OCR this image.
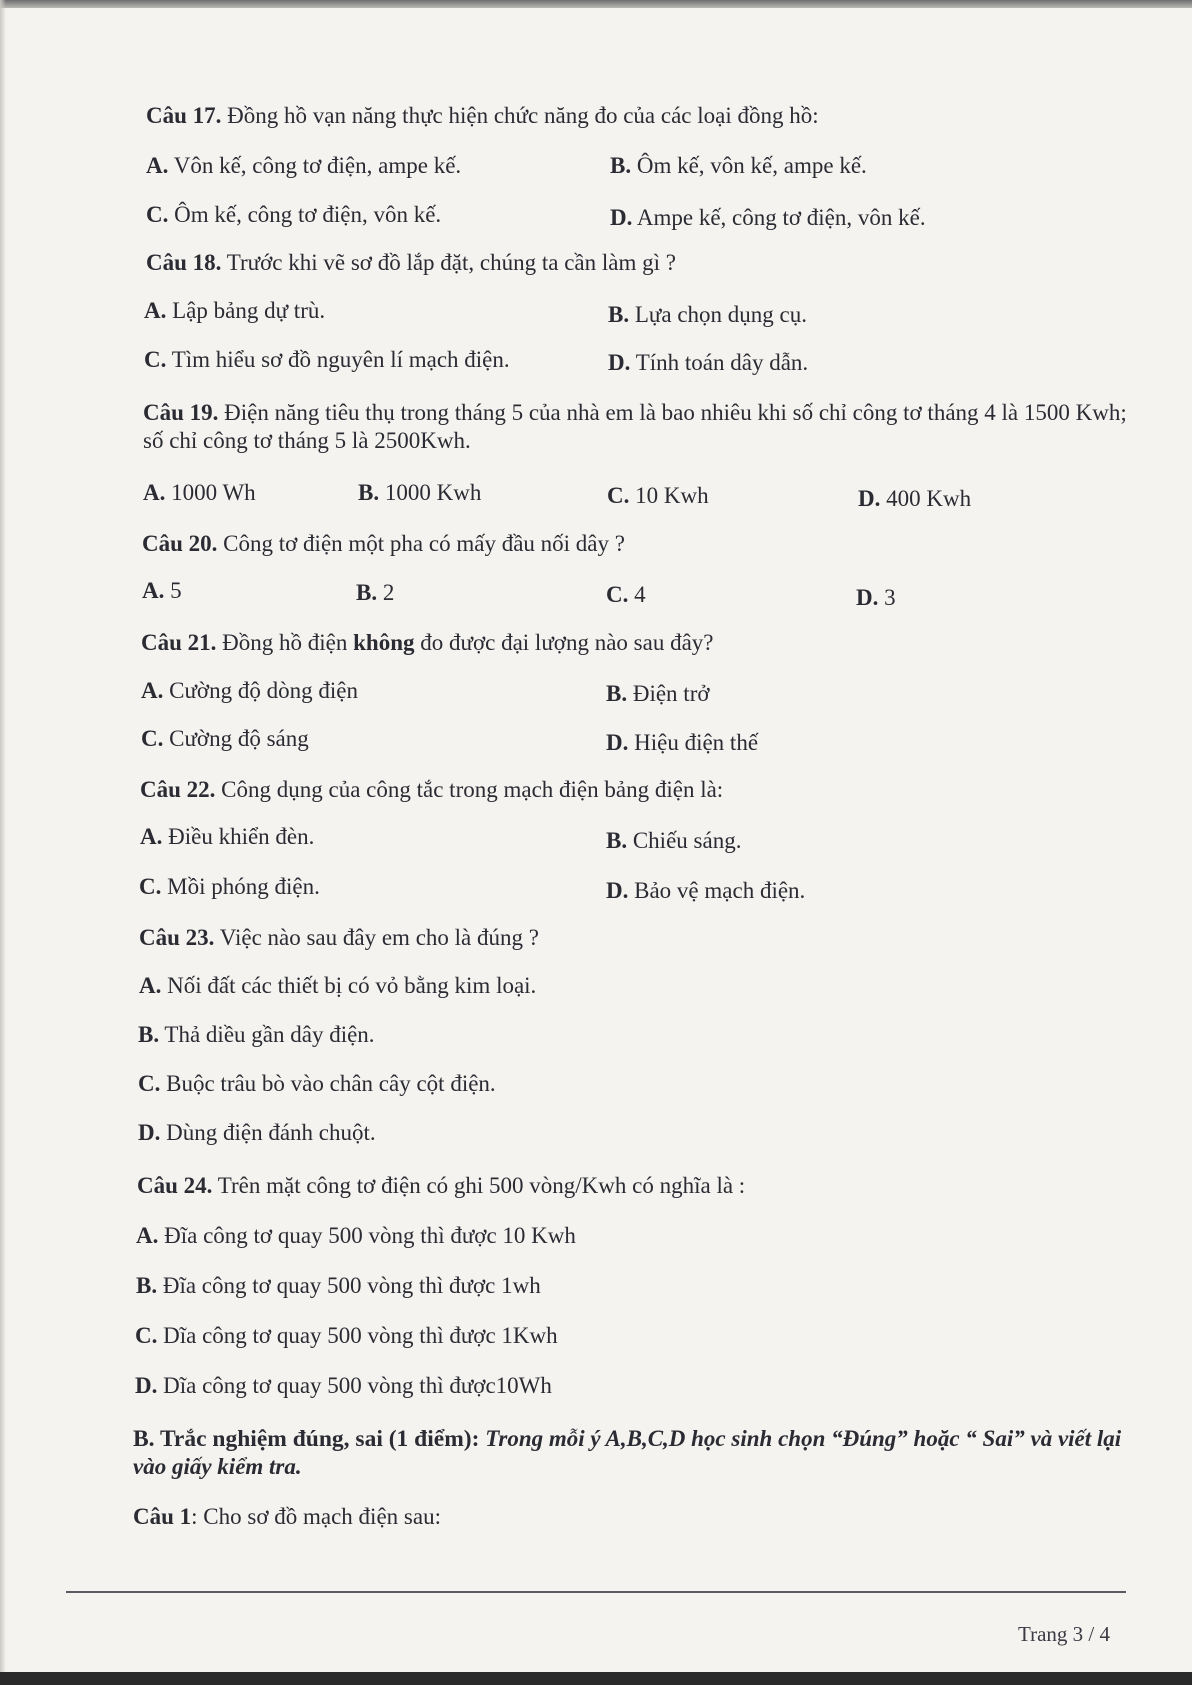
Câu 17. Đồng hồ vạn năng thực hiện chức năng đo của các loại đồng hồ:
A. Vôn kế, công tơ điện, ampe kế.	B. Ôm kế, vôn kế, ampe kế.
C. Ôm kế, công tơ điện, vôn kế.	D. Ampe kế, công tơ điện, vôn kế.
Câu 18. Trước khi vẽ sơ đồ lắp đặt, chúng ta cần làm gì ?
A. Lập bảng dự trù.	B. Lựa chọn dụng cụ.
C. Tìm hiểu sơ đồ nguyên lí mạch điện.	D. Tính toán dây dẫn.
Câu 19. Điện năng tiêu thụ trong tháng 5 của nhà em là bao nhiêu khi số chỉ công tơ tháng 4 là 1500 Kwh; số chỉ công tơ tháng 5 là 2500Kwh.
A. 1000 Wh	B. 1000 Kwh	C. 10 Kwh	D. 400 Kwh
Câu 20. Công tơ điện một pha có mấy đầu nối dây ?
A. 5	B. 2	C. 4	D. 3
Câu 21. Đồng hồ điện không đo được đại lượng nào sau đây?
A. Cường độ dòng điện	B. Điện trở
C. Cường độ sáng	D. Hiệu điện thế
Câu 22. Công dụng của công tắc trong mạch điện bảng điện là:
A. Điều khiển đèn.	B. Chiếu sáng.
C. Mồi phóng điện.	D. Bảo vệ mạch điện.
Câu 23. Việc nào sau đây em cho là đúng ?
A. Nối đất các thiết bị có vỏ bằng kim loại.
B. Thả diều gần dây điện.
C. Buộc trâu bò vào chân cây cột điện.
D. Dùng điện đánh chuột.
Câu 24. Trên mặt công tơ điện có ghi 500 vòng/Kwh có nghĩa là :
A. Đĩa công tơ quay 500 vòng thì được 10 Kwh
B. Đĩa công tơ quay 500 vòng thì được 1wh
C. Dĩa công tơ quay 500 vòng thì được 1Kwh
D. Dĩa công tơ quay 500 vòng thì được10Wh
B. Trắc nghiệm đúng, sai (1 điểm): Trong mỗi ý A,B,C,D học sinh chọn “Đúng” hoặc “ Sai” và viết lại vào giấy kiểm tra.
Câu 1: Cho sơ đồ mạch điện sau:
Trang 3 / 4
